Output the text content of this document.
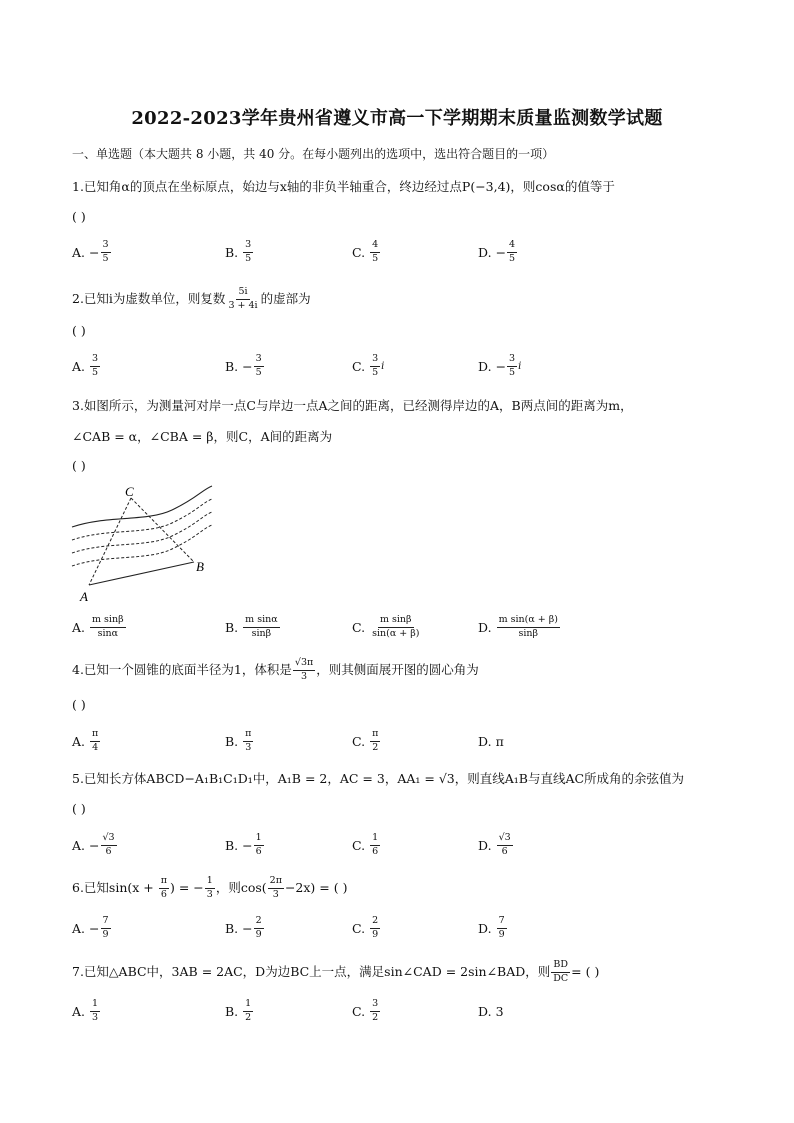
2022-2023学年贵州省遵义市高一下学期期末质量监测数学试题
一、单选题（本大题共 8 小题，共 40 分。在每小题列出的选项中，选出符合题目的一项）
1.已知角α的顶点在坐标原点，始边与x轴的非负半轴重合，终边经过点P(−3,4)，则cosα的值等于
( )
A. − $\frac{3}{5}$	B. $\frac{3}{5}$	C. $\frac{4}{5}$	D. − $\frac{4}{5}$
2.已知i为虚数单位，则复数 $\frac{5i}{3 + 4i}$ 的虚部为
( )
A. $\frac{3}{5}$	B. − $\frac{3}{5}$	C. $\frac{3}{5}$ i	D. − $\frac{3}{5}$ i
3.如图所示，为测量河对岸一点C与岸边一点A之间的距离，已经测得岸边的A，B两点间的距离为m，
∠CAB = α，∠CBA = β，则C，A间的距离为
( )
C
A
B
A. $\frac{\text{m sinβ}}{\sin\alpha}$	B. $\frac{\text{m sinα}}{\sin\beta}$	C. $\frac{\text{m sinβ}}{\sin(\alpha + \beta)}$	D. $\frac{\text{m sin(α + β)}}{\sin\beta}$
4.已知一个圆锥的底面半径为1，体积是 $\frac{√3\pi}{3}$ ，则其侧面展开图的圆心角为
( )
A. $\frac{\pi}{4}$	B. $\frac{\pi}{3}$	C. $\frac{\pi}{2}$	D. π
5.已知长方体ABCD−A₁B₁C₁D₁中，A₁B = 2，AC = 3，AA₁ = √3，则直线A₁B与直线AC所成角的余弦值为
( )
A. − $\frac{√3}{6}$	B. − $\frac{1}{6}$	C. $\frac{1}{6}$	D. $\frac{√3}{6}$
6.已知$\sin(x + \frac{\pi}{6}$ ) = − $\frac{1}{3}$ ，则$\cos( \frac{2\pi}{3} -2x)$ = ( )
A. − $\frac{7}{9}$	B. − $\frac{2}{9}$	C. $\frac{2}{9}$	D. $\frac{7}{9}$
7.已知△ABC中，3AB = 2AC，D为边BC上一点，满足sin∠CAD = 2sin∠BAD，则 $\frac{BD}{DC}$ = ( )
A. $\frac{1}{3}$	B. $\frac{1}{2}$	C. $\frac{3}{2}$	D. 3
